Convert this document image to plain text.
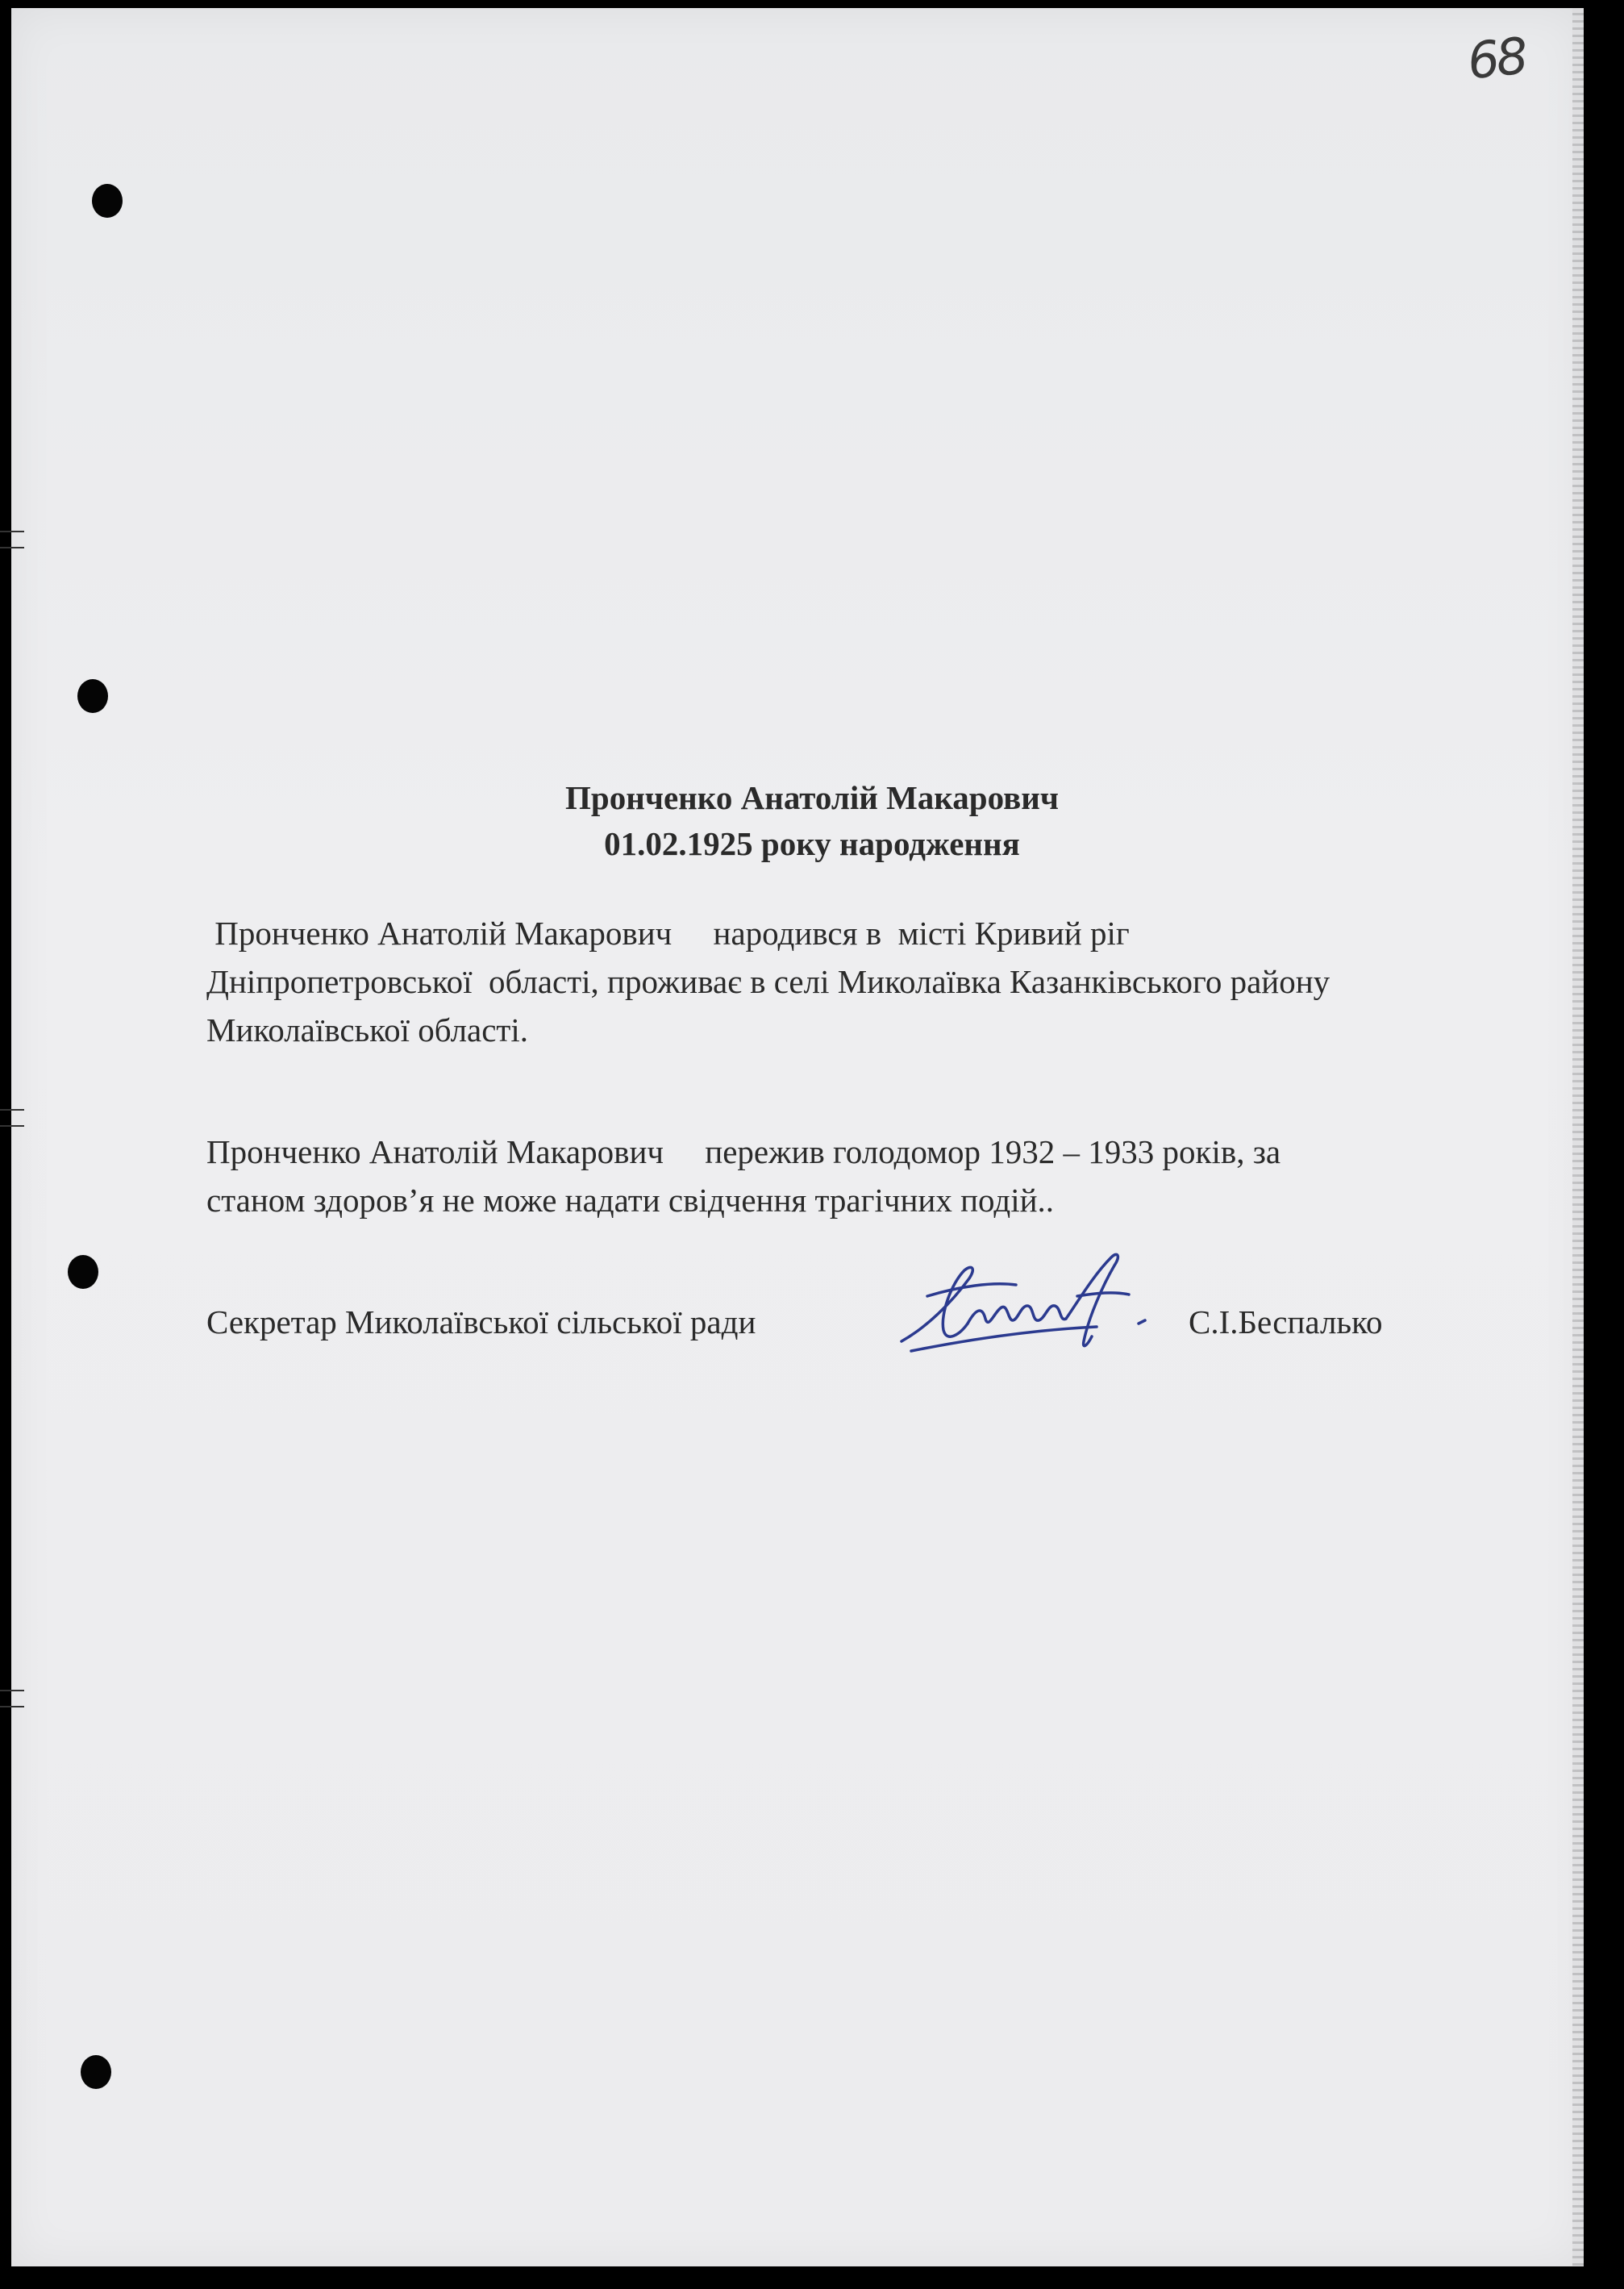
68
Пронченко Анатолій Макарович
01.02.1925 року народження
Пронченко Анатолій Макарович     народився в  місті Кривий ріг
Дніпропетровської  області, проживає в селі Миколаївка Казанківського району
Миколаївської області.
Пронченко Анатолій Макарович     пережив голодомор 1932 – 1933 років, за
станом здоров’я не може надати свідчення трагічних подій..
Секретар Миколаївської сільської ради	С.І.Беспалько
